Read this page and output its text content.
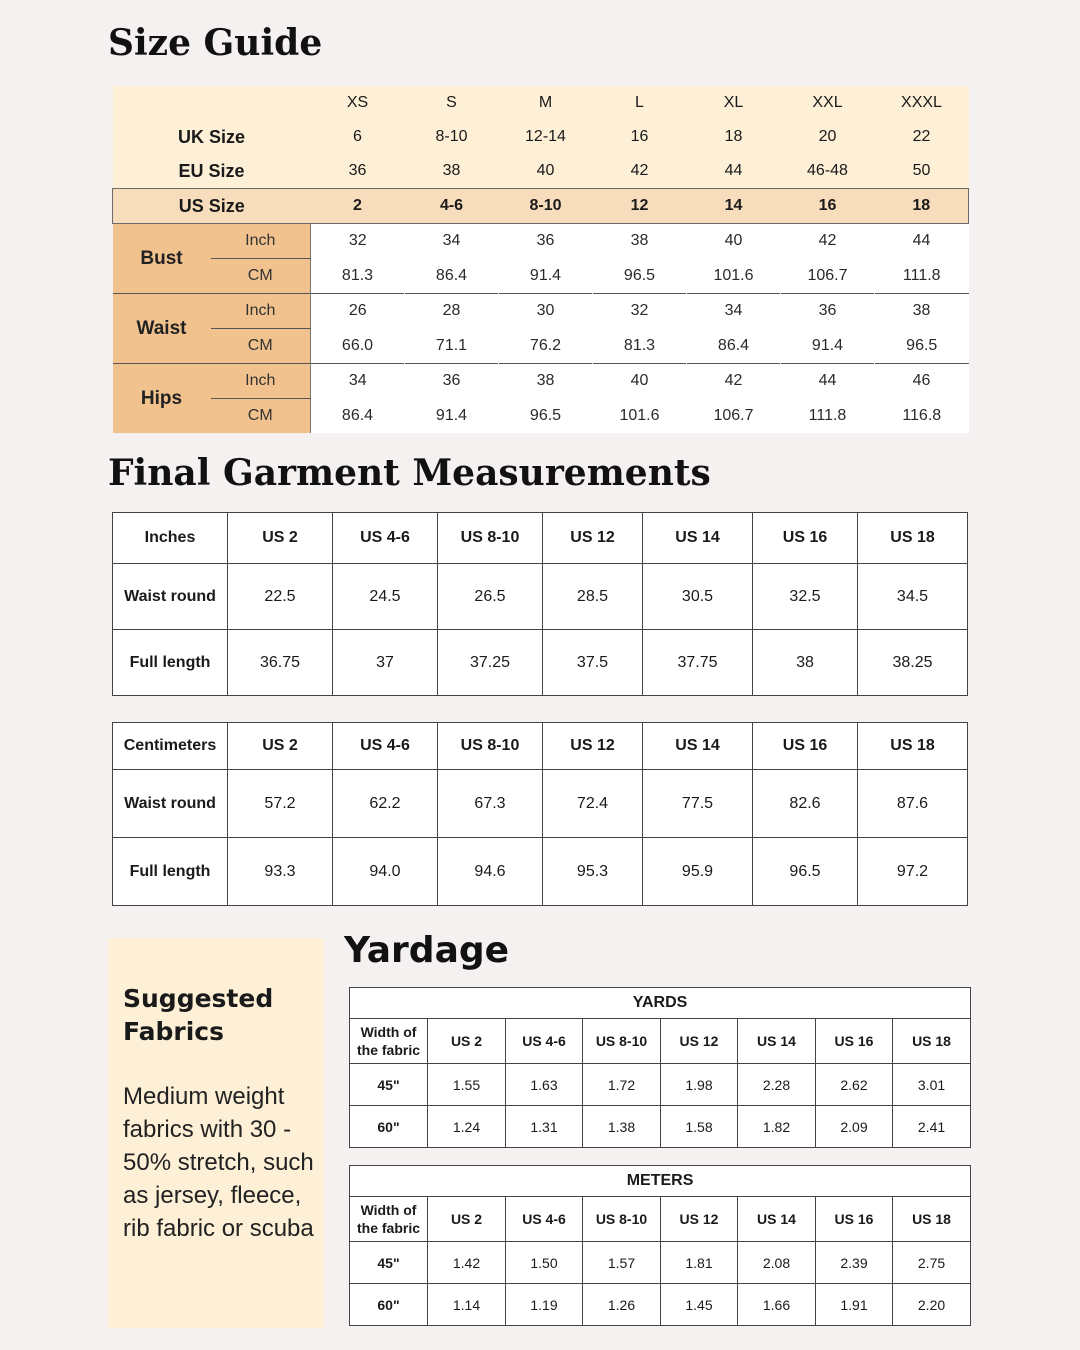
Size Guide
		XS	S	M	L	XL	XXL	XXXL
UK Size		6	8-10	12-14	16	18	20	22
EU Size		36	38	40	42	44	46-48	50
US Size		2	4-6	8-10	12	14	16	18
Bust	Inch	32	34	36	38	40	42	44
	CM	81.3	86.4	91.4	96.5	101.6	106.7	111.8
Waist	Inch	26	28	30	32	34	36	38
	CM	66.0	71.1	76.2	81.3	86.4	91.4	96.5
Hips	Inch	34	36	38	40	42	44	46
	CM	86.4	91.4	96.5	101.6	106.7	111.8	116.8
Final Garment Measurements
Inches	US 2	US 4-6	US 8-10	US 12	US 14	US 16	US 18
Waist round	22.5	24.5	26.5	28.5	30.5	32.5	34.5
Full length	36.75	37	37.25	37.5	37.75	38	38.25
Centimeters	US 2	US 4-6	US 8-10	US 12	US 14	US 16	US 18
Waist round	57.2	62.2	67.3	72.4	77.5	82.6	87.6
Full length	93.3	94.0	94.6	95.3	95.9	96.5	97.2

Suggested Fabrics

Medium weight fabrics with 30 - 50% stretch, such as jersey, fleece, rib fabric or scuba

Yardage
YARDS							
Width of the fabric	US 2	US 4-6	US 8-10	US 12	US 14	US 16	US 18
45"	1.55	1.63	1.72	1.98	2.28	2.62	3.01
60"	1.24	1.31	1.38	1.58	1.82	2.09	2.41
METERS							
Width of the fabric	US 2	US 4-6	US 8-10	US 12	US 14	US 16	US 18
45"	1.42	1.50	1.57	1.81	2.08	2.39	2.75
60"	1.14	1.19	1.26	1.45	1.66	1.91	2.20
